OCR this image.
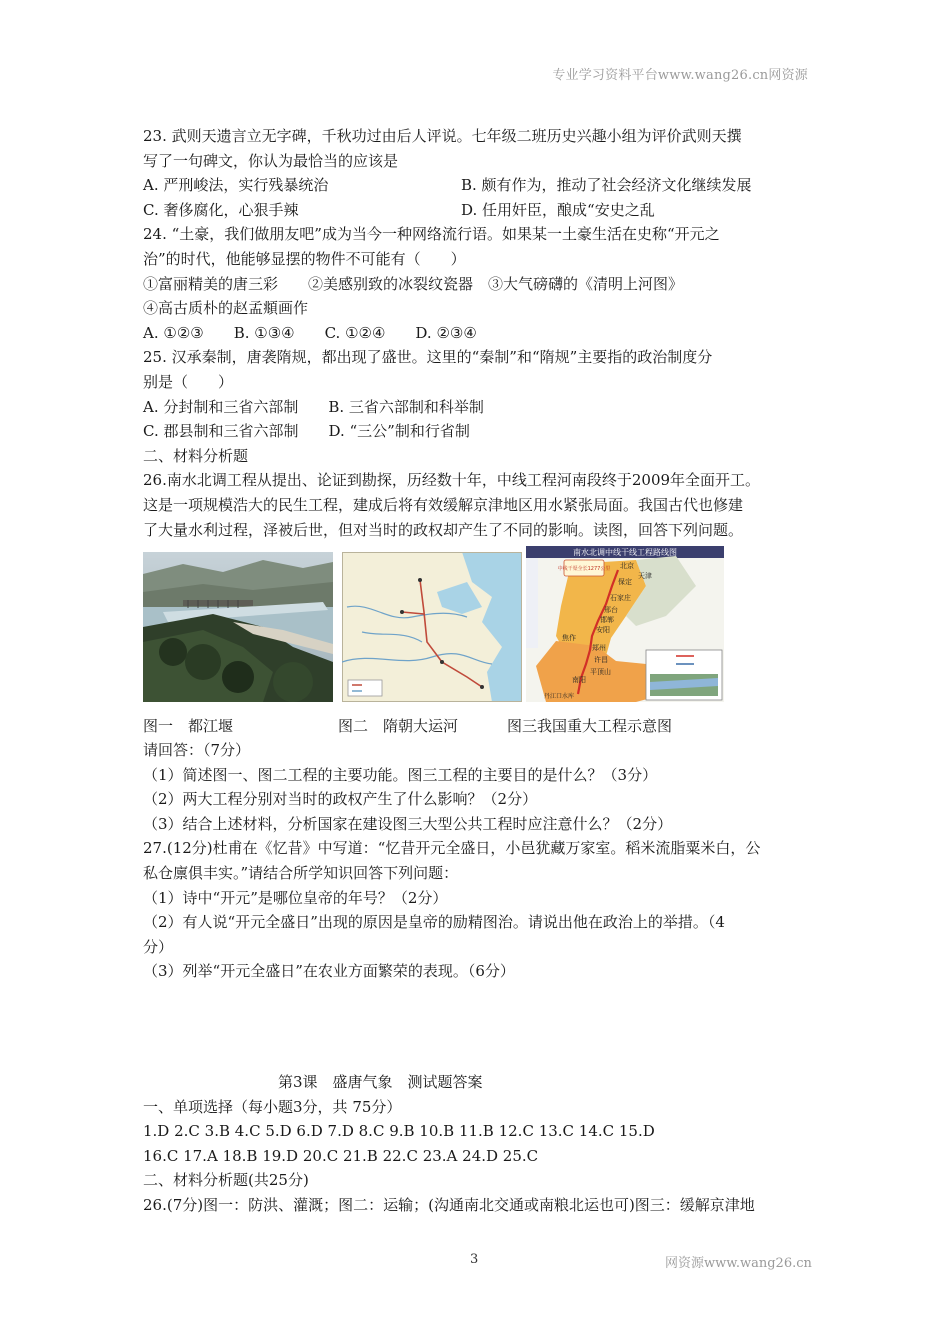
专业学习资料平台www.wang26.cn网资源
23. 武则天遗言立无字碑，千秋功过由后人评说。七年级二班历史兴趣小组为评价武则天撰
写了一句碑文，你认为最恰当的应该是
A. 严刑峻法，实行残暴统治	B. 颇有作为，推动了社会经济文化继续发展
C. 奢侈腐化，心狠手辣	D. 任用奸臣，酿成“安史之乱
24. “土豪，我们做朋友吧”成为当今一种网络流行语。如果某一土豪生活在史称“开元之
治”的时代，他能够显摆的物件不可能有（　　）
①富丽精美的唐三彩　　②美感别致的冰裂纹瓷器　③大气磅礴的《清明上河图》
④高古质朴的赵孟頫画作
A. ①②③　　B. ①③④　　C. ①②④　　D. ②③④
25. 汉承秦制，唐袭隋规，都出现了盛世。这里的“秦制”和“隋规”主要指的政治制度分
别是（　　）
A. 分封制和三省六部制　　B. 三省六部制和科举制
C. 郡县制和三省六部制　　D. “三公”制和行省制
二、材料分析题
26.南水北调工程从提出、论证到勘探，历经数十年，中线工程河南段终于2009年全面开工。
这是一项规模浩大的民生工程，建成后将有效缓解京津地区用水紧张局面。我国古代也修建
了大量水利过程，泽被后世，但对当时的政权却产生了不同的影响。读图，回答下列问题。
南水北调中线干线工程路线图
中线干渠全长1277公里 北京
天津
保定
石家庄
邢台
邯郸
安阳
焦作
郑州
许昌
平顶山
南阳
丹江口水库
图一　都江堰	图二　隋朝大运河	图三我国重大工程示意图
请回答：（7分）
（1）简述图一、图二工程的主要功能。图三工程的主要目的是什么？（3分）
（2）两大工程分别对当时的政权产生了什么影响？（2分）
（3）结合上述材料，分析国家在建设图三大型公共工程时应注意什么？（2分）
27.(12分)杜甫在《忆昔》中写道：“忆昔开元全盛日，小邑犹藏万家室。稻米流脂粟米白，公
私仓廪俱丰实。”请结合所学知识回答下列问题：
（1）诗中“开元”是哪位皇帝的年号？（2分）
（2）有人说“开元全盛日”出现的原因是皇帝的励精图治。请说出他在政治上的举措。（4
分）
（3）列举“开元全盛日”在农业方面繁荣的表现。（6分）
第3课　盛唐气象　测试题答案
一、单项选择（每小题3分，共 75分）
1.D 2.C 3.B 4.C 5.D 6.D 7.D 8.C 9.B 10.B 11.B 12.C 13.C 14.C 15.D
16.C 17.A 18.B 19.D 20.C 21.B 22.C 23.A 24.D 25.C
二、材料分析题(共25分)
26.(7分)图一：防洪、灌溉；图二：运输；(沟通南北交通或南粮北运也可)图三：缓解京津地
3	网资源www.wang26.cn
